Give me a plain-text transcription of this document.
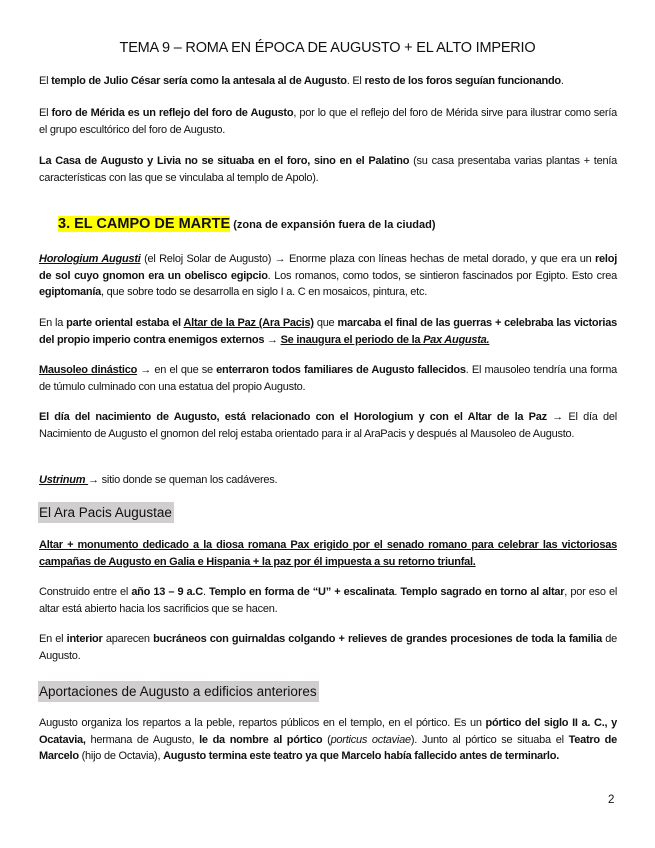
TEMA 9 – ROMA EN ÉPOCA DE AUGUSTO + EL ALTO IMPERIO
El templo de Julio César sería como la antesala al de Augusto. El resto de los foros seguían funcionando.
El foro de Mérida es un reflejo del foro de Augusto, por lo que el reflejo del foro de Mérida sirve para ilustrar como sería el grupo escultórico del foro de Augusto.
La Casa de Augusto y Livia no se situaba en el foro, sino en el Palatino (su casa presentaba varias plantas + tenía características con las que se vinculaba al templo de Apolo).
3. EL CAMPO DE MARTE (zona de expansión fuera de la ciudad)
Horologium Augusti (el Reloj Solar de Augusto) → Enorme plaza con líneas hechas de metal dorado, y que era un reloj de sol cuyo gnomon era un obelisco egipcio. Los romanos, como todos, se sintieron fascinados por Egipto. Esto crea egiptomanía, que sobre todo se desarrolla en siglo I a. C en mosaicos, pintura, etc.
En la parte oriental estaba el Altar de la Paz (Ara Pacis) que marcaba el final de las guerras + celebraba las victorias del propio imperio contra enemigos externos → Se inaugura el periodo de la Pax Augusta.
Mausoleo dinástico → en el que se enterraron todos familiares de Augusto fallecidos. El mausoleo tendría una forma de túmulo culminado con una estatua del propio Augusto.
El día del nacimiento de Augusto, está relacionado con el Horologium y con el Altar de la Paz → El día del Nacimiento de Augusto el gnomon del reloj estaba orientado para ir al AraPacis y después al Mausoleo de Augusto.
Ustrinum → sitio donde se queman los cadáveres.
El Ara Pacis Augustae
Altar + monumento dedicado a la diosa romana Pax erigido por el senado romano para celebrar las victoriosas campañas de Augusto en Galia e Hispania + la paz por él impuesta a su retorno triunfal.
Construido entre el año 13 – 9 a.C. Templo en forma de “U” + escalinata. Templo sagrado en torno al altar, por eso el altar está abierto hacia los sacrificios que se hacen.
En el interior aparecen bucráneos con guirnaldas colgando + relieves de grandes procesiones de toda la familia de Augusto.
Aportaciones de Augusto a edificios anteriores
Augusto organiza los repartos a la peble, repartos públicos en el templo, en el pórtico. Es un pórtico del siglo II a. C., y Ocatavia, hermana de Augusto, le da nombre al pórtico (porticus octaviae). Junto al pórtico se situaba el Teatro de Marcelo (hijo de Octavia), Augusto termina este teatro ya que Marcelo había fallecido antes de terminarlo.
2
